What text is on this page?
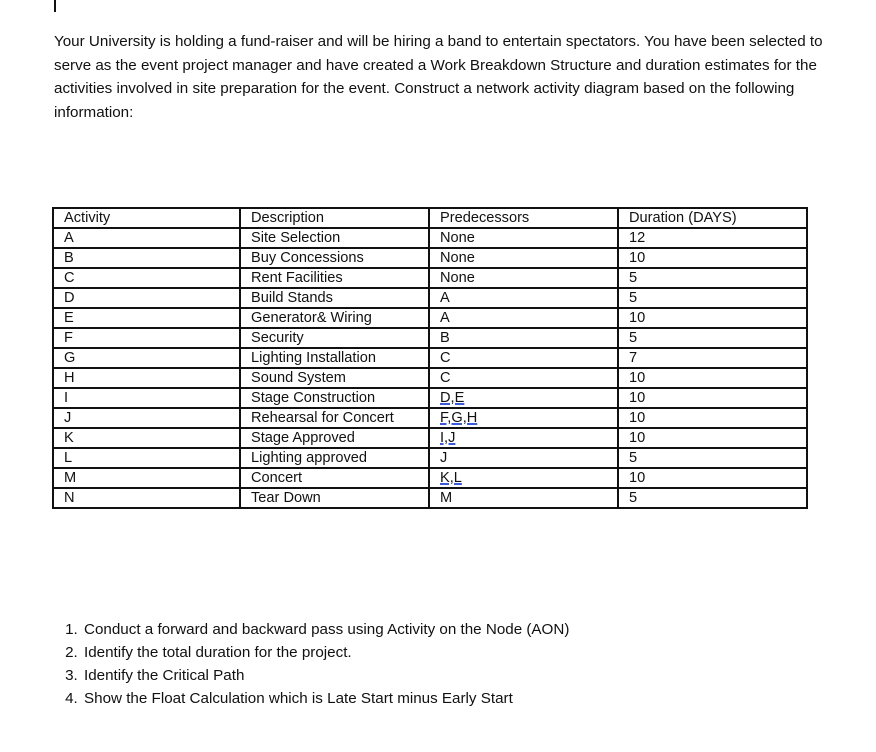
Your University is holding a fund-raiser and will be hiring a band to entertain spectators. You have been selected to serve as the event project manager and have created a Work Breakdown Structure and duration estimates for the activities involved in site preparation for the event. Construct a network activity diagram based on the following information:

Activity	Description	Predecessors	Duration (DAYS)
A	Site Selection	None	12
B	Buy Concessions	None	10
C	Rent Facilities	None	5
D	Build Stands	A	5
E	Generator& Wiring	A	10
F	Security	B	5
G	Lighting Installation	C	7
H	Sound System	C	10
I	Stage Construction	D,E	10
J	Rehearsal for Concert	F,G,H	10
K	Stage Approved	I,J	10
L	Lighting approved	J	5
M	Concert	K,L	10
N	Tear Down	M	5
1. Conduct a forward and backward pass using Activity on the Node (AON)
2. Identify the total duration for the project.
3. Identify the Critical Path
4. Show the Float Calculation which is Late Start minus Early Start
